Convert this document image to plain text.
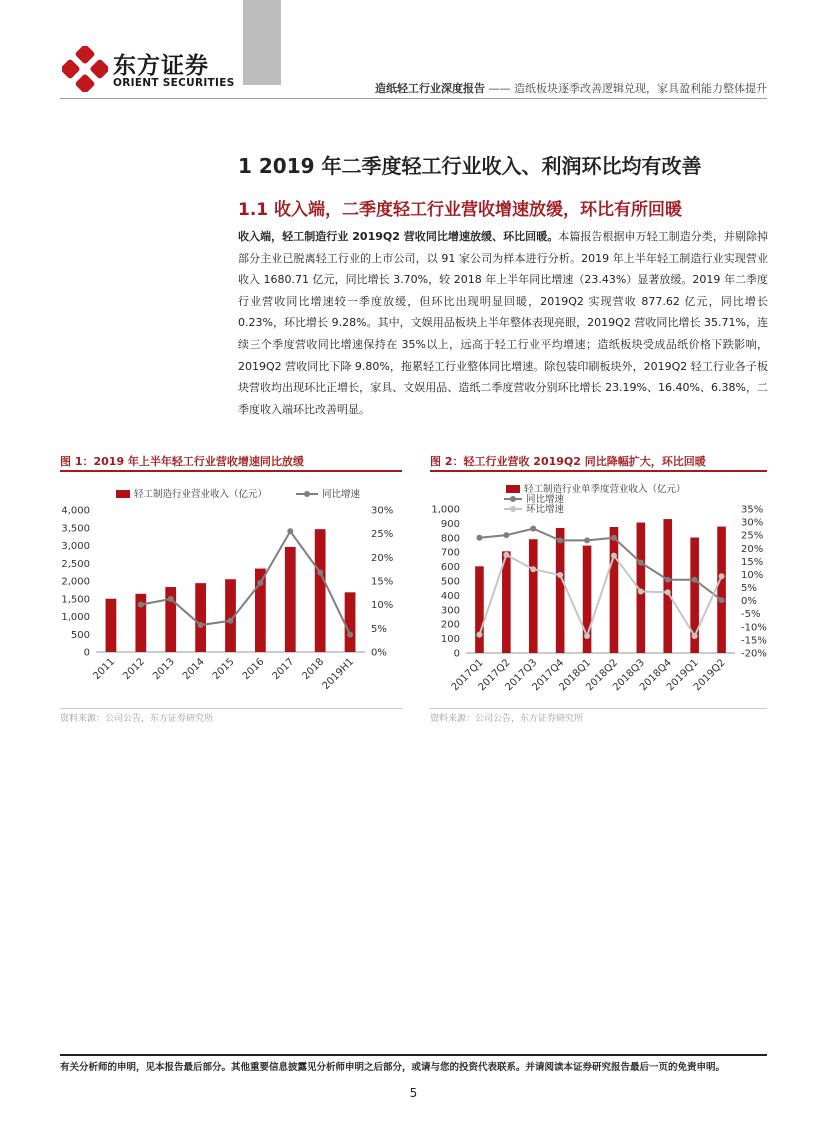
东方证券
ORIENT SECURITIES	造纸轻工行业深度报告 —— 造纸板块逐季改善逻辑兑现，家具盈利能力整体提升
1 2019 年二季度轻工行业收入、利润环比均有改善
1.1 收入端，二季度轻工行业营收增速放缓，环比有所回暖
收入端，轻工制造行业 2019Q2 营收同比增速放缓、环比回暖。本篇报告根据申万轻工制造分类，并剔除掉部分主业已脱离轻工行业的上市公司，以 91 家公司为样本进行分析。2019 年上半年轻工制造行业实现营业收入 1680.71 亿元，同比增长 3.70%，较 2018 年上半年同比增速（23.43%）显著放缓。2019 年二季度行业营收同比增速较一季度放缓，但环比出现明显回暖，2019Q2 实现营收 877.62 亿元，同比增长 0.23%，环比增长 9.28%。其中，文娱用品板块上半年整体表现亮眼，2019Q2 营收同比增长 35.71%，连续三个季度营收同比增速保持在 35%以上，远高于轻工行业平均增速；造纸板块受成品纸价格下跌影响，2019Q2 营收同比下降 9.80%，拖累轻工行业整体同比增速。除包装印刷板块外，2019Q2 轻工行业各子板块营收均出现环比正增长，家具、文娱用品、造纸二季度营收分别环比增长 23.19%、16.40%、6.38%，二季度收入端环比改善明显。
图 1：2019 年上半年轻工行业营收增速同比放缓
0
500
1,000
1,500
2,000
2,500
3,000
3,500
4,000
0%
5%
10%
15%
20%
25%
30%
2011 2012 2013 2014 2015 2016 2017 2018
2019H1
轻工制造行业营业收入（亿元）	同比增速
资料来源：公司公告，东方证券研究所
图 2：轻工行业营收 2019Q2 同比降幅扩大，环比回暖
0
100
200
300
400
500
600
700
800
900
1,000
-20%
-15%
-10%
-5%
0%
5%
10%
15%
20%
25%
30%
35%
2017Q1
2017Q2
2017Q3
2017Q4
2018Q1
2018Q2
2018Q3
2018Q4
2019Q1
2019Q2
轻工制造行业单季度营业收入（亿元）
同比增速
环比增速
资料来源：公司公告，东方证券研究所
有关分析师的申明，见本报告最后部分。其他重要信息披露见分析师申明之后部分，或请与您的投资代表联系。并请阅读本证券研究报告最后一页的免责申明。
5
